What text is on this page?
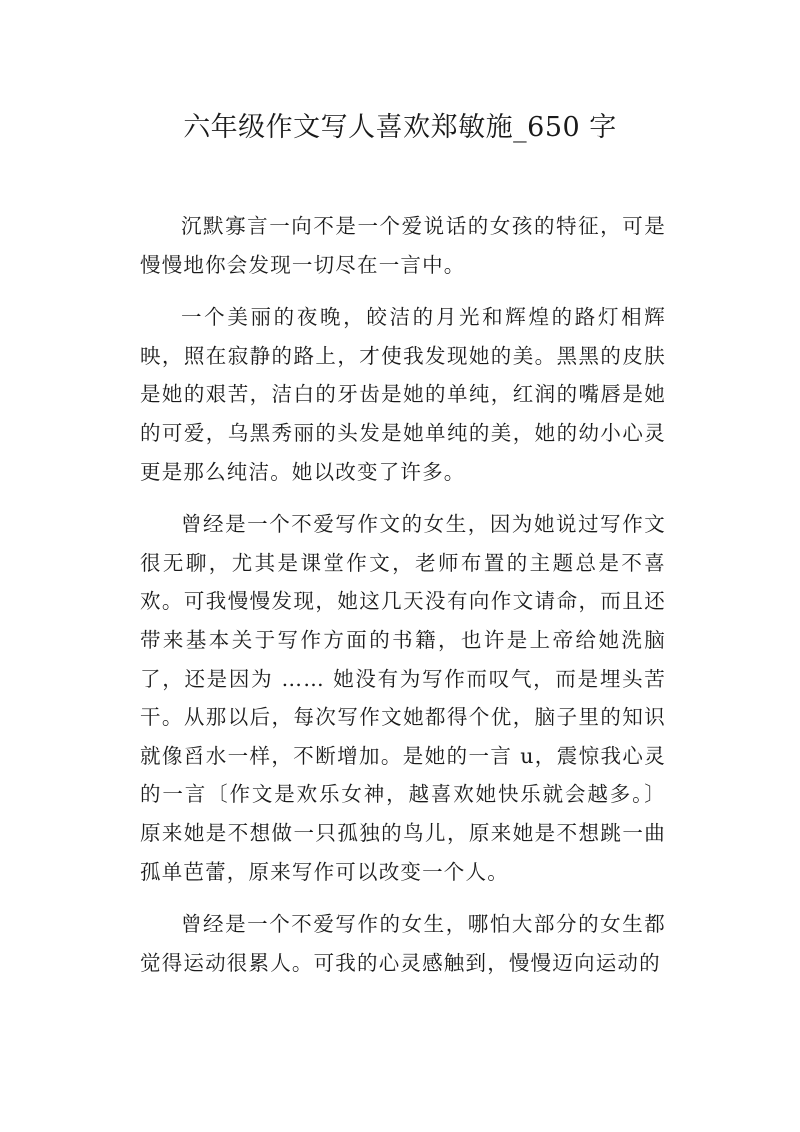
六年级作文写人喜欢郑敏施_650 字

沉默寡言一向不是一个爱说话的女孩的特征，可是慢慢地你会发现一切尽在一言中。

一个美丽的夜晚，皎洁的月光和辉煌的路灯相辉映，照在寂静的路上，才使我发现她的美。黑黑的皮肤是她的艰苦，洁白的牙齿是她的单纯，红润的嘴唇是她的可爱，乌黑秀丽的头发是她单纯的美，她的幼小心灵更是那么纯洁。她以改变了许多。

曾经是一个不爱写作文的女生，因为她说过写作文很无聊，尤其是课堂作文，老师布置的主题总是不喜欢。可我慢慢发现，她这几天没有向作文请命，而且还带来基本关于写作方面的书籍，也许是上帝给她洗脑了，还是因为 …… 她没有为写作而叹气，而是埋头苦干。从那以后，每次写作文她都得个优，脑子里的知识就像舀水一样，不断增加。是她的一言 u，震惊我心灵的一言〔作文是欢乐女神，越喜欢她快乐就会越多。〕原来她是不想做一只孤独的鸟儿，原来她是不想跳一曲孤单芭蕾，原来写作可以改变一个人。

曾经是一个不爱写作的女生，哪怕大部分的女生都觉得运动很累人。可我的心灵感触到，慢慢迈向运动的
